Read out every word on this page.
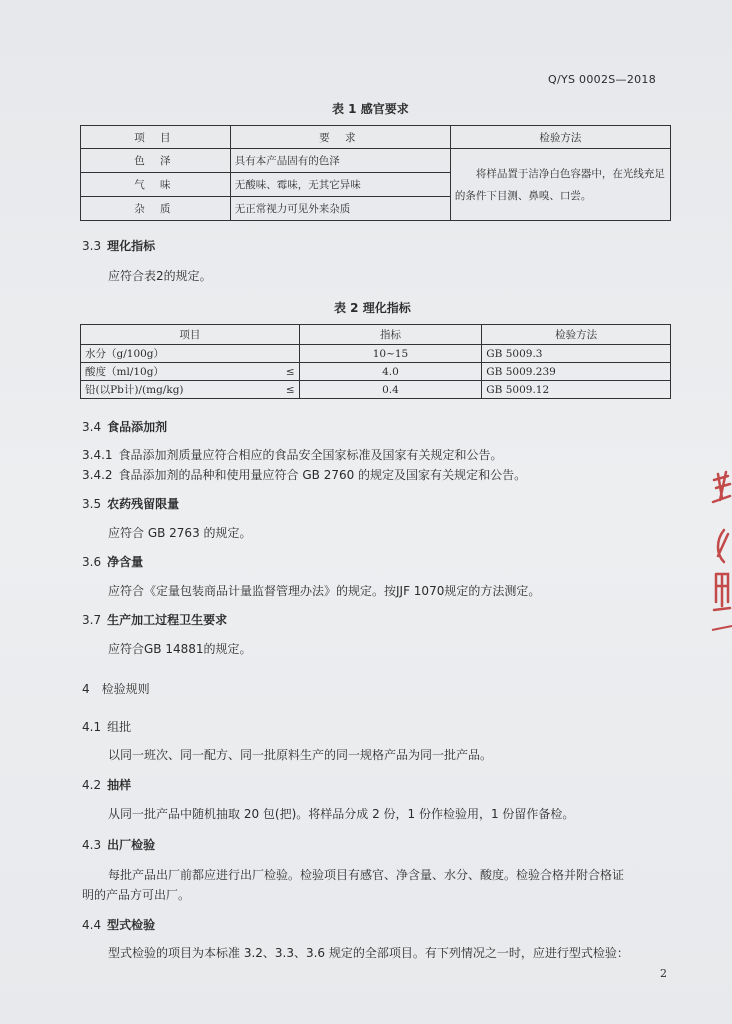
Q/YS 0002S—2018
表 1 感官要求
项 目	要 求	检验方法
色 泽	具有本产品固有的色泽	将样品置于洁净白色容器中，在光线充足的条件下目测、鼻嗅、口尝。
气 味	无酸味、霉味，无其它异味	
杂 质	无正常视力可见外来杂质	
3.3 理化指标
应符合表2的规定。
表 2 理化指标
项目		指标	检验方法
水分（g/100g）		10~15	GB 5009.3
酸度（ml/10g）	≤	4.0	GB 5009.239
铅(以Pb计)/(mg/kg)	≤	0.4	GB 5009.12
3.4 食品添加剂
3.4.1 食品添加剂质量应符合相应的食品安全国家标准及国家有关规定和公告。
3.4.2 食品添加剂的品种和使用量应符合 GB 2760 的规定及国家有关规定和公告。
3.5 农药残留限量
应符合 GB 2763 的规定。
3.6 净含量
应符合《定量包装商品计量监督管理办法》的规定。按JJF 1070规定的方法测定。
3.7 生产加工过程卫生要求
应符合GB 14881的规定。
4 检验规则
4.1 组批
以同一班次、同一配方、同一批原料生产的同一规格产品为同一批产品。
4.2 抽样
从同一批产品中随机抽取 20 包(把)。将样品分成 2 份，1 份作检验用，1 份留作备检。
4.3 出厂检验
每批产品出厂前都应进行出厂检验。检验项目有感官、净含量、水分、酸度。检验合格并附合格证
明的产品方可出厂。
4.4 型式检验
型式检验的项目为本标准 3.2、3.3、3.6 规定的全部项目。有下列情况之一时，应进行型式检验：
2
